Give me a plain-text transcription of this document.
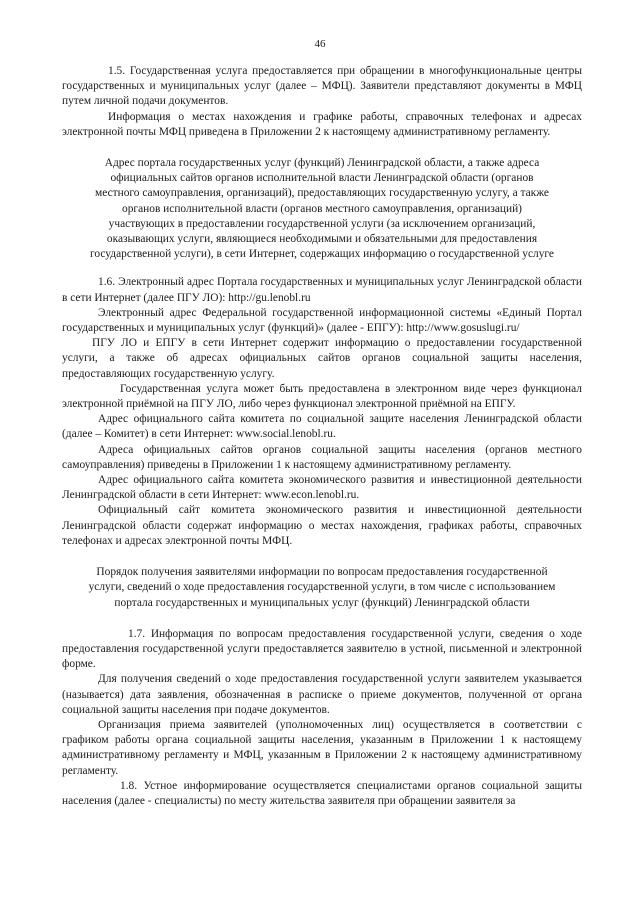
46

1.5. Государственная услуга предоставляется при обращении в многофункциональные центры государственных и муниципальных услуг (далее – МФЦ). Заявители представляют документы в МФЦ путем личной подачи документов.

Информация о местах нахождения и графике работы, справочных телефонах и адресах электронной почты МФЦ приведена в Приложении 2 к настоящему административному регламенту.

Адрес портала государственных услуг (функций) Ленинградской области, а также адреса официальных сайтов органов исполнительной власти Ленинградской области (органов местного самоуправления, организаций), предоставляющих государственную услугу, а также органов исполнительной власти (органов местного самоуправления, организаций) участвующих в предоставлении государственной услуги (за исключением организаций, оказывающих услуги, являющиеся необходимыми и обязательными для предоставления государственной услуги), в сети Интернет, содержащих информацию о государственной услуге

1.6. Электронный адрес Портала государственных и муниципальных услуг Ленинградской области в сети Интернет (далее ПГУ ЛО): http://gu.lenobl.ru

Электронный адрес Федеральной государственной информационной системы «Единый Портал государственных и муниципальных услуг (функций)» (далее - ЕПГУ): http://www.gosuslugi.ru/

ПГУ ЛО и ЕПГУ в сети Интернет содержит информацию о предоставлении государственной услуги, а также об адресах официальных сайтов органов социальной защиты населения, предоставляющих государственную услугу.

Государственная услуга может быть предоставлена в электронном виде через функционал электронной приёмной на ПГУ ЛО, либо через функционал электронной приёмной на ЕПГУ.

Адрес официального сайта комитета по социальной защите населения Ленинградской области (далее – Комитет) в сети Интернет: www.social.lenobl.ru.

Адреса официальных сайтов органов социальной защиты населения (органов местного самоуправления) приведены в Приложении 1 к настоящему административному регламенту.

Адрес официального сайта комитета экономического развития и инвестиционной деятельности Ленинградской области в сети Интернет: www.econ.lenobl.ru.

Официальный сайт комитета экономического развития и инвестиционной деятельности Ленинградской области содержат информацию о местах нахождения, графиках работы, справочных телефонах и адресах электронной почты МФЦ.

Порядок получения заявителями информации по вопросам предоставления государственной услуги, сведений о ходе предоставления государственной услуги, в том числе с использованием портала государственных и муниципальных услуг (функций) Ленинградской области

1.7. Информация по вопросам предоставления государственной услуги, сведения о ходе предоставления государственной услуги предоставляется заявителю в устной, письменной и электронной форме.

Для получения сведений о ходе предоставления государственной услуги заявителем указывается (называется) дата заявления, обозначенная в расписке о приеме документов, полученной от органа социальной защиты населения при подаче документов.

Организация приема заявителей (уполномоченных лиц) осуществляется в соответствии с графиком работы органа социальной защиты населения, указанным в Приложении 1 к настоящему административному регламенту и МФЦ, указанным в Приложении 2 к настоящему административному регламенту.

1.8. Устное информирование осуществляется специалистами органов социальной защиты населения (далее - специалисты) по месту жительства заявителя при обращении заявителя за
